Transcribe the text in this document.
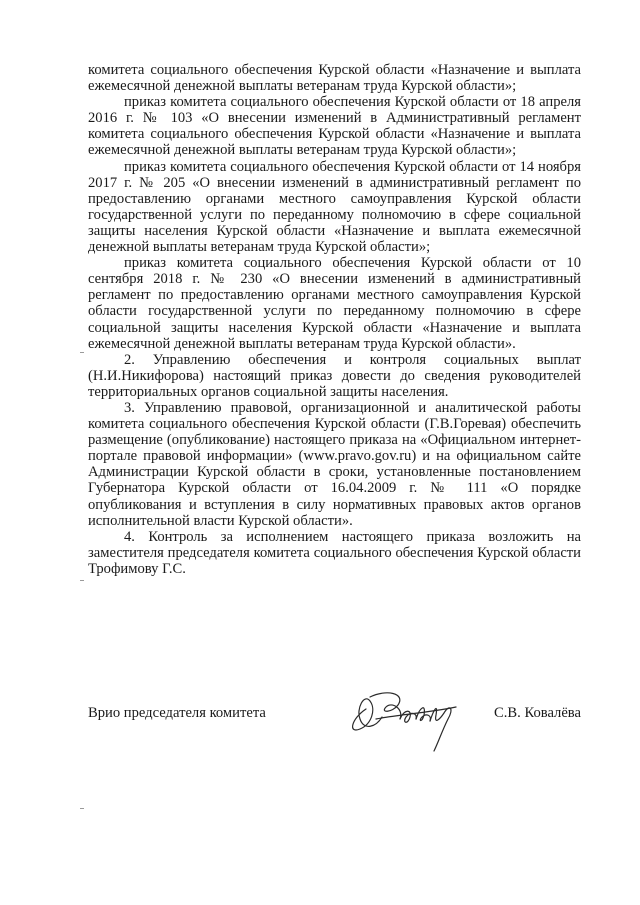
комитета социального обеспечения Курской области «Назначение и выплата ежемесячной денежной выплаты ветеранам труда Курской области»;

приказ комитета социального обеспечения Курской области от 18 апреля 2016 г. № 103 «О внесении изменений в Административный регламент комитета социального обеспечения Курской области «Назначение и выплата ежемесячной денежной выплаты ветеранам труда Курской области»;

приказ комитета социального обеспечения Курской области от 14 ноября 2017 г. № 205 «О внесении изменений в административный регламент по предоставлению органами местного самоуправления Курской области государственной услуги по переданному полномочию в сфере социальной защиты населения Курской области «Назначение и выплата ежемесячной денежной выплаты ветеранам труда Курской области»;

приказ комитета социального обеспечения Курской области от 10 сентября 2018 г. № 230 «О внесении изменений в административный регламент по предоставлению органами местного самоуправления Курской области государственной услуги по переданному полномочию в сфере социальной защиты населения Курской области «Назначение и выплата ежемесячной денежной выплаты ветеранам труда Курской области».

2. Управлению обеспечения и контроля социальных выплат (Н.И.Никифорова) настоящий приказ довести до сведения руководителей территориальных органов социальной защиты населения.

3. Управлению правовой, организационной и аналитической работы комитета социального обеспечения Курской области (Г.В.Горевая) обеспечить размещение (опубликование) настоящего приказа на «Официальном интернет-портале правовой информации» (www.pravo.gov.ru) и на официальном сайте Администрации Курской области в сроки, установленные постановлением Губернатора Курской области от 16.04.2009 г. № 111 «О порядке опубликования и вступления в силу нормативных правовых актов органов исполнительной власти Курской области».

4. Контроль за исполнением настоящего приказа возложить на заместителя председателя комитета социального обеспечения Курской области Трофимову Г.С.

Врио председателя комитета	С.В. Ковалёва
